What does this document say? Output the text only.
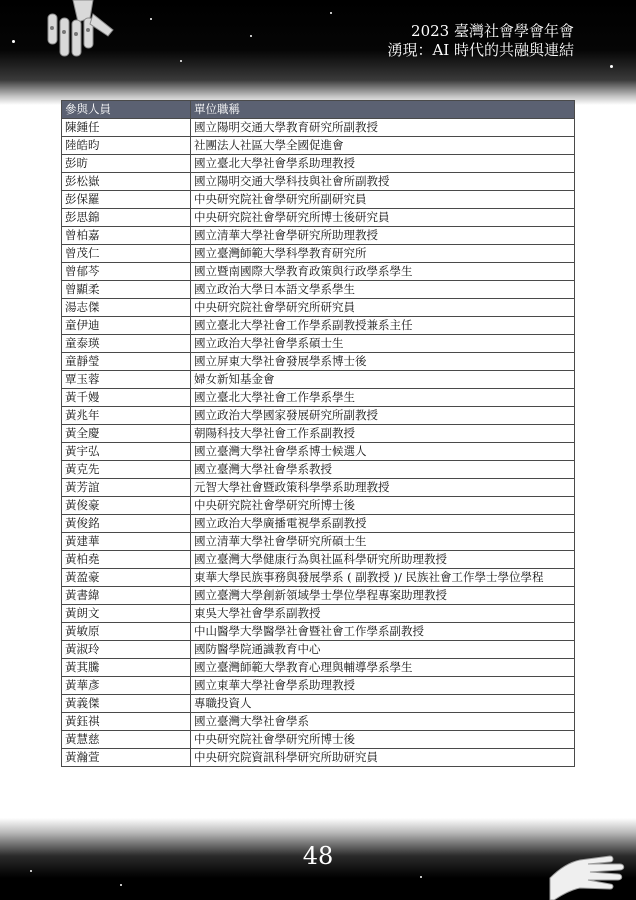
2023 臺灣社會學會年會
湧現：AI 時代的共融與連結
參與人員	單位職稱
陳鍾任	國立陽明交通大學教育研究所副教授
陸皓昀	社團法人社區大學全國促進會
彭昉	國立臺北大學社會學系助理教授
彭松嶽	國立陽明交通大學科技與社會所副教授
彭保羅	中央研究院社會學研究所副研究員
彭思錦	中央研究院社會學研究所博士後研究員
曾柏嘉	國立清華大學社會學研究所助理教授
曾茂仁	國立臺灣師範大學科學教育研究所
曾郁芩	國立暨南國際大學教育政策與行政學系學生
曾顯柔	國立政治大學日本語文學系學生
湯志傑	中央研究院社會學研究所研究員
童伊迪	國立臺北大學社會工作學系副教授兼系主任
童泰瑛	國立政治大學社會學系碩士生
童靜瑩	國立屏東大學社會發展學系博士後
覃玉蓉	婦女新知基金會
黃千嫚	國立臺北大學社會工作學系學生
黃兆年	國立政治大學國家發展研究所副教授
黃全慶	朝陽科技大學社會工作系副教授
黃宇弘	國立臺灣大學社會學系博士候選人
黃克先	國立臺灣大學社會學系教授
黃芳誼	元智大學社會暨政策科學學系助理教授
黃俊豪	中央研究院社會學研究所博士後
黃俊銘	國立政治大學廣播電視學系副教授
黃建華	國立清華大學社會學研究所碩士生
黃柏堯	國立臺灣大學健康行為與社區科學研究所助理教授
黃盈豪	東華大學民族事務與發展學系 ( 副教授 )/ 民族社會工作學士學位學程
黃書緯	國立臺灣大學創新領域學士學位學程專案助理教授
黃朗文	東吳大學社會學系副教授
黃敏原	中山醫學大學醫學社會暨社會工作學系副教授
黃淑玲	國防醫學院通識教育中心
黃萁騰	國立臺灣師範大學教育心理與輔導學系學生
黃華彥	國立東華大學社會學系助理教授
黃義傑	專職投資人
黃鈺祺	國立臺灣大學社會學系
黃慧慈	中央研究院社會學研究所博士後
黃瀚萱	中央研究院資訊科學研究所助研究員
48
